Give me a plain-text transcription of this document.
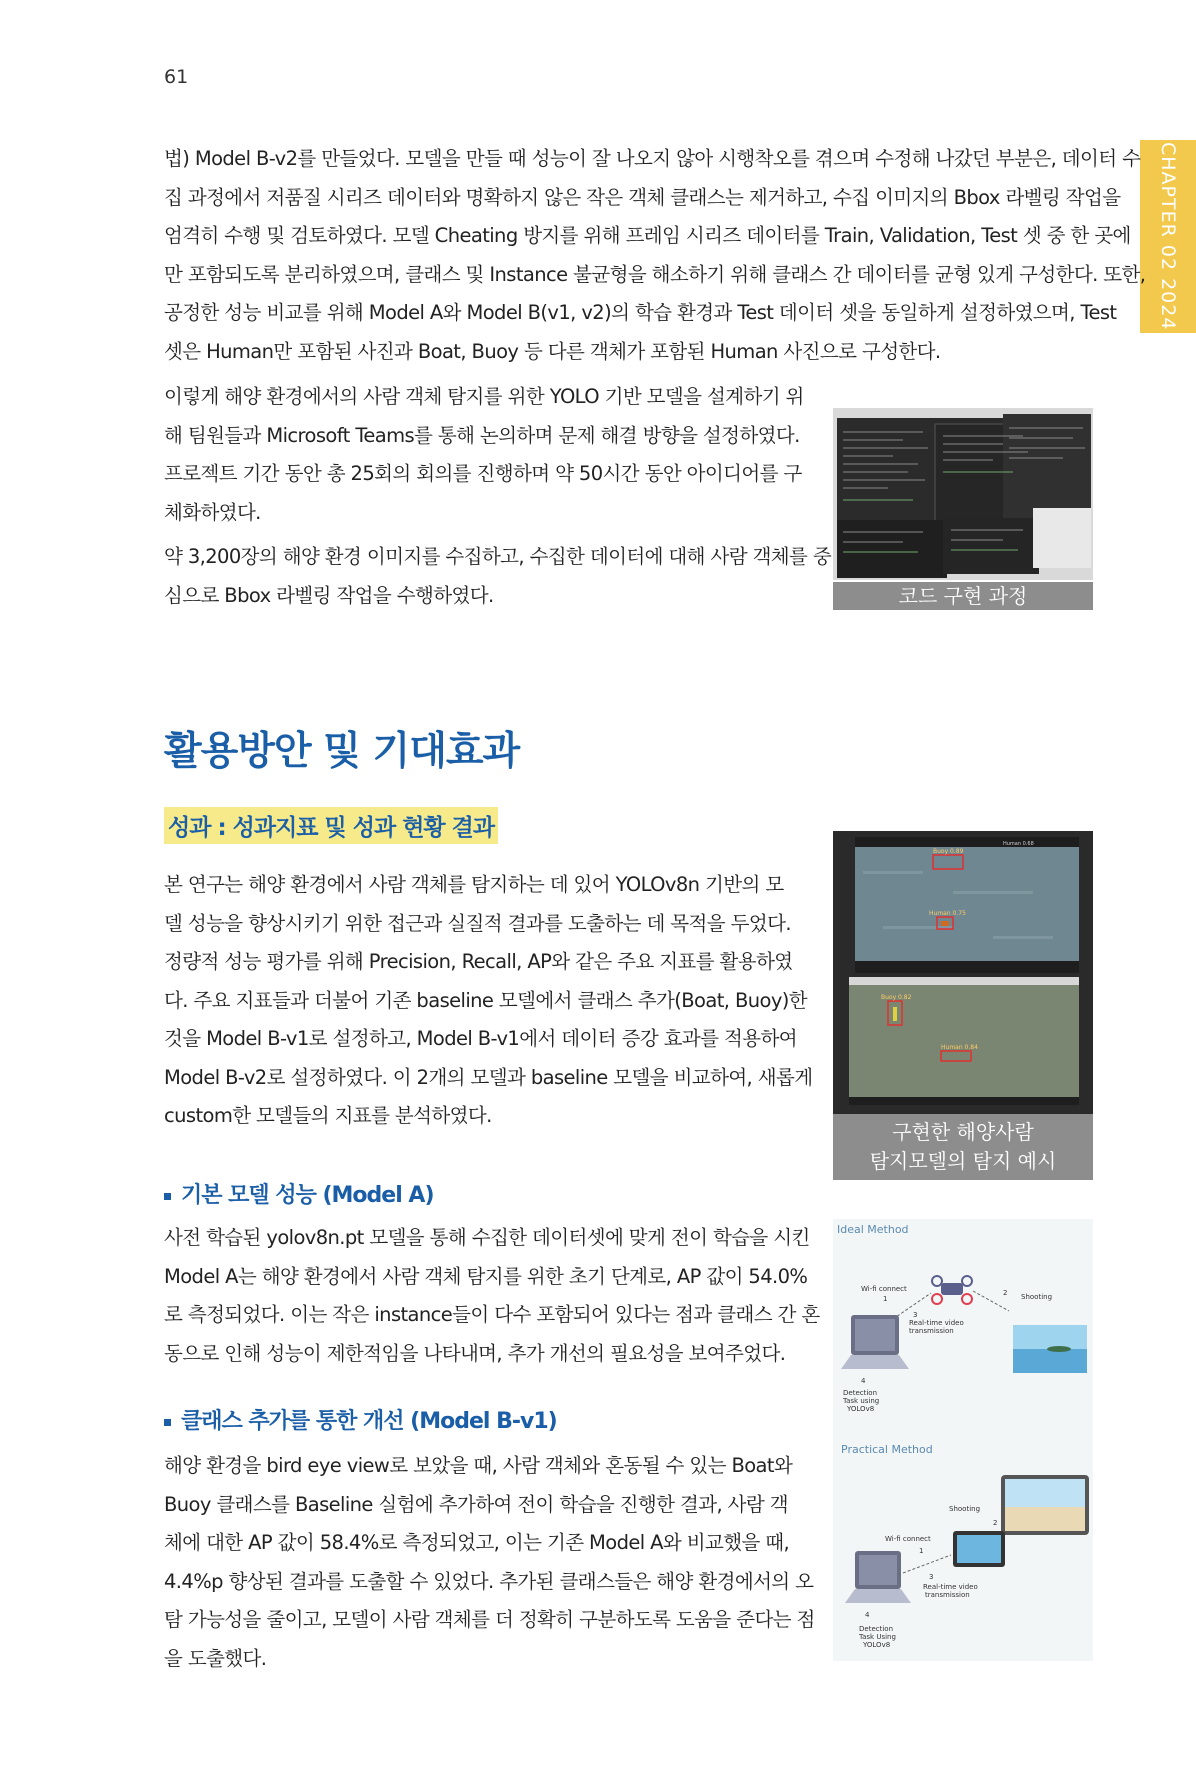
61
CHAPTER 02 2024
법) Model B-v2를 만들었다. 모델을 만들 때 성능이 잘 나오지 않아 시행착오를 겪으며 수정해 나갔던 부분은, 데이터 수
집 과정에서 저품질 시리즈 데이터와 명확하지 않은 작은 객체 클래스는 제거하고, 수집 이미지의 Bbox 라벨링 작업을
엄격히 수행 및 검토하였다. 모델 Cheating 방지를 위해 프레임 시리즈 데이터를 Train, Validation, Test 셋 중 한 곳에
만 포함되도록 분리하였으며, 클래스 및 Instance 불균형을 해소하기 위해 클래스 간 데이터를 균형 있게 구성한다. 또한,
공정한 성능 비교를 위해 Model A와 Model B(v1, v2)의 학습 환경과 Test 데이터 셋을 동일하게 설정하였으며, Test
셋은 Human만 포함된 사진과 Boat, Buoy 등 다른 객체가 포함된 Human 사진으로 구성한다.
이렇게 해양 환경에서의 사람 객체 탐지를 위한 YOLO 기반 모델을 설계하기 위
해 팀원들과 Microsoft Teams를 통해 논의하며 문제 해결 방향을 설정하였다.
프로젝트 기간 동안 총 25회의 회의를 진행하며 약 50시간 동안 아이디어를 구
체화하였다.
약 3,200장의 해양 환경 이미지를 수집하고, 수집한 데이터에 대해 사람 객체를 중
심으로 Bbox 라벨링 작업을 수행하였다.	코드 구현 과정
활용방안 및 기대효과
성과 : 성과지표 및 성과 현황 결과
본 연구는 해양 환경에서 사람 객체를 탐지하는 데 있어 YOLOv8n 기반의 모
델 성능을 향상시키기 위한 접근과 실질적 결과를 도출하는 데 목적을 두었다.
정량적 성능 평가를 위해 Precision, Recall, AP와 같은 주요 지표를 활용하였
다. 주요 지표들과 더불어 기존 baseline 모델에서 클래스 추가(Boat, Buoy)한
것을 Model B-v1로 설정하고, Model B-v1에서 데이터 증강 효과를 적용하여
Model B-v2로 설정하였다. 이 2개의 모델과 baseline 모델을 비교하여, 새롭게
custom한 모델들의 지표를 분석하였다.
Buoy 0.89
Human 0.75
Buoy 0.82
Human 0.84
Human 0.68
구현한 해양사람
탐지모델의 탐지 예시
기본 모델 성능 (Model A)
사전 학습된 yolov8n.pt 모델을 통해 수집한 데이터셋에 맞게 전이 학습을 시킨
Model A는 해양 환경에서 사람 객체 탐지를 위한 초기 단계로, AP 값이 54.0%
로 측정되었다. 이는 작은 instance들이 다수 포함되어 있다는 점과 클래스 간 혼
동으로 인해 성능이 제한적임을 나타내며, 추가 개선의 필요성을 보여주었다.
클래스 추가를 통한 개선 (Model B-v1)
해양 환경을 bird eye view로 보았을 때, 사람 객체와 혼동될 수 있는 Boat와
Buoy 클래스를 Baseline 실험에 추가하여 전이 학습을 진행한 결과, 사람 객
체에 대한 AP 값이 58.4%로 측정되었고, 이는 기존 Model A와 비교했을 때,
4.4%p 향상된 결과를 도출할 수 있었다. 추가된 클래스들은 해양 환경에서의 오
탐 가능성을 줄이고, 모델이 사람 객체를 더 정확히 구분하도록 도움을 준다는 점
을 도출했다.
Ideal Method
Wi-fi connect
1
2 Shooting
3
Real-time video
transmission
4
Detection
Task using
YOLOv8
Practical Method
Shooting
2
Wi-fi connect
1
3
Real-time video
transmission
4
Detection
Task Using
YOLOv8
